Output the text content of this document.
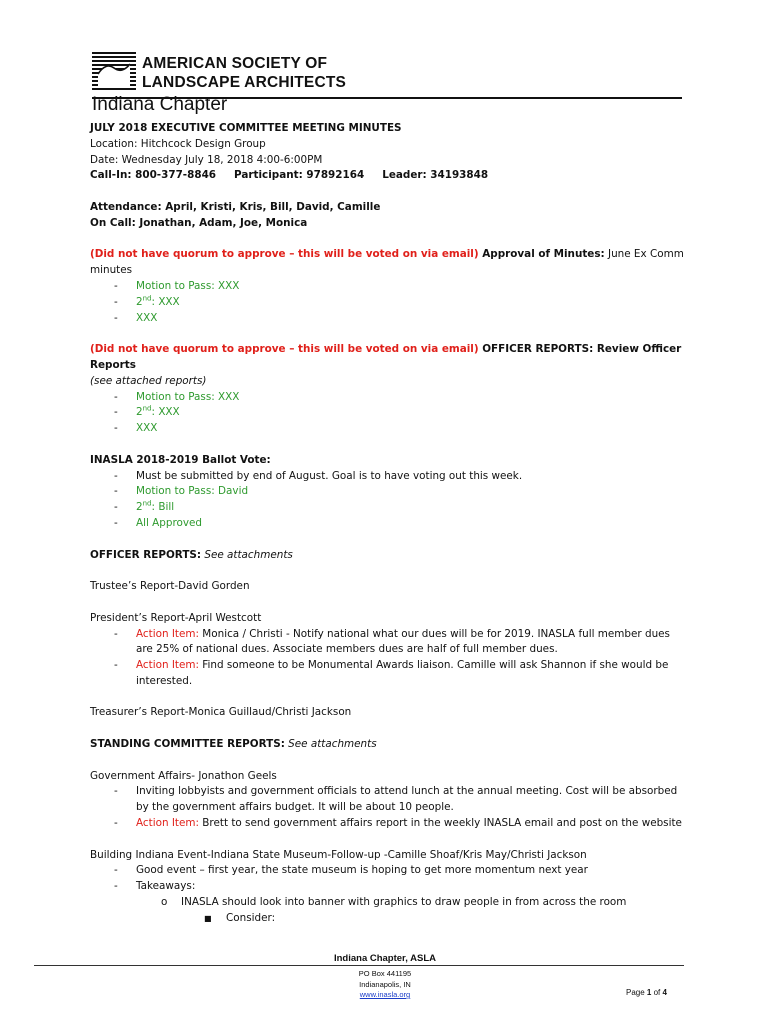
AMERICAN SOCIETY OF
LANDSCAPE ARCHITECTS
Indiana Chapter

JULY 2018 EXECUTIVE COMMITTEE MEETING MINUTES

Location: Hitchcock Design Group

Date: Wednesday July 18, 2018 4:00-6:00PM

Call-In: 800-377-8846 Participant: 97892164 Leader: 34193848

Attendance: April, Kristi, Kris, Bill, David, Camille

On Call: Jonathan, Adam, Joe, Monica

(Did not have quorum to approve – this will be voted on via email) Approval of Minutes: June Ex Comm minutes

- Motion to Pass: XXX

- 2nd: XXX

- XXX

(Did not have quorum to approve – this will be voted on via email) OFFICER REPORTS: Review Officer Reports

(see attached reports)

- Motion to Pass: XXX

- 2nd: XXX

- XXX

INASLA 2018-2019 Ballot Vote:

- Must be submitted by end of August. Goal is to have voting out this week.

- Motion to Pass: David

- 2nd: Bill

- All Approved

OFFICER REPORTS: See attachments

Trustee’s Report-David Gorden

President’s Report-April Westcott

- Action Item: Monica / Christi - Notify national what our dues will be for 2019. INASLA full member dues
are 25% of national dues. Associate members dues are half of full member dues.

- Action Item: Find someone to be Monumental Awards liaison. Camille will ask Shannon if she would be
interested.

Treasurer’s Report-Monica Guillaud/Christi Jackson

STANDING COMMITTEE REPORTS: See attachments

Government Affairs- Jonathon Geels

- Inviting lobbyists and government officials to attend lunch at the annual meeting. Cost will be absorbed
by the government affairs budget. It will be about 10 people.

- Action Item: Brett to send government affairs report in the weekly INASLA email and post on the website

Building Indiana Event-Indiana State Museum-Follow-up -Camille Shoaf/Kris May/Christi Jackson

- Good event – first year, the state museum is hoping to get more momentum next year

- Takeaways:

o INASLA should look into banner with graphics to draw people in from across the room

■ Consider:

Indiana Chapter, ASLA
PO Box 441195
Indianapolis, IN
www.inasla.org	Page 1 of 4
